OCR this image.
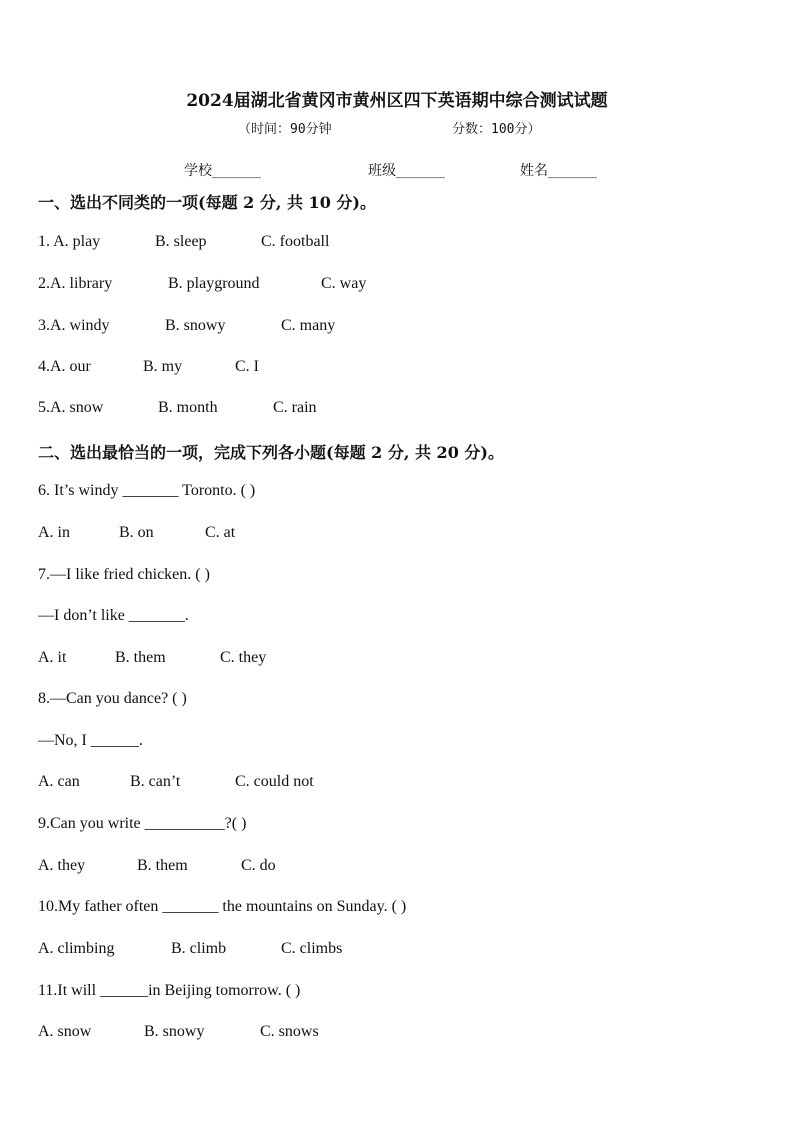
2024届湖北省黄冈市黄州区四下英语期中综合测试试题
（时间：90分钟	分数：100分）
学校_______	班级_______	姓名_______
一、选出不同类的一项(每题 2 分, 共 10 分)。
1. A. play	B. sleep	C. football
2.A. library	B. playground	C. way
3.A. windy	B. snowy	C. many
4.A. our	B. my	C. I
5.A. snow	B. month	C. rain
二、选出最恰当的一项，完成下列各小题(每题 2 分, 共 20 分)。
6. It’s windy _______ Toronto. ( )
A. in	B. on	C. at
7.—I like fried chicken. ( )
—I don’t like _______.
A. it	B. them	C. they
8.—Can you dance? ( )
—No, I ______.
A. can	B. can’t	C. could not
9.Can you write __________?( )
A. they	B. them	C. do
10.My father often _______ the mountains on Sunday. ( )
A. climbing	B. climb	C. climbs
11.It will ______in Beijing tomorrow. ( )
A. snow	B. snowy	C. snows
